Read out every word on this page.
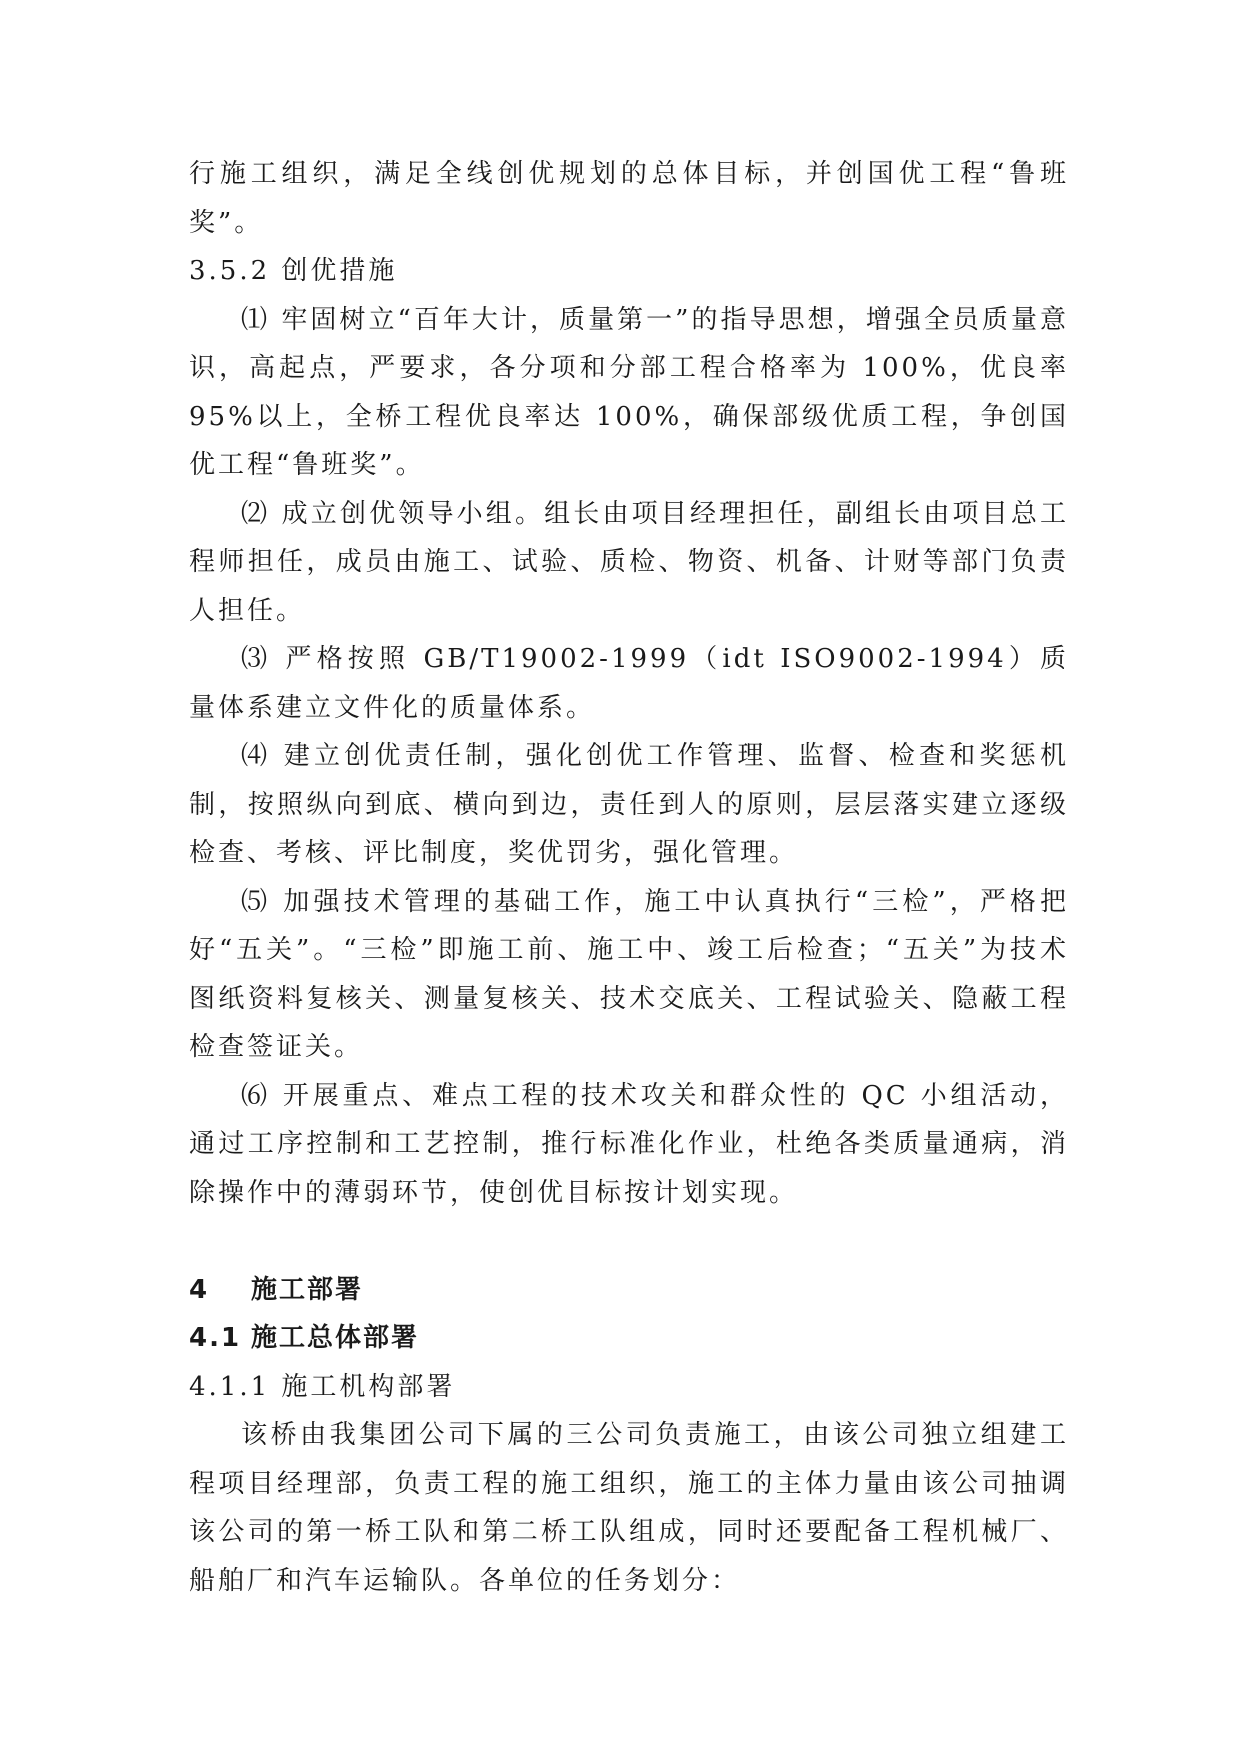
行施工组织，满足全线创优规划的总体目标，并创国优工程“鲁班奖”。

3.5.2 创优措施

⑴ 牢固树立“百年大计，质量第一”的指导思想，增强全员质量意识，高起点，严要求，各分项和分部工程合格率为 100%，优良率 95%以上，全桥工程优良率达 100%，确保部级优质工程，争创国优工程“鲁班奖”。

⑵ 成立创优领导小组。组长由项目经理担任，副组长由项目总工程师担任，成员由施工、试验、质检、物资、机备、计财等部门负责人担任。

⑶ 严格按照 GB/T19002-1999（idt ISO9002-1994）质量体系建立文件化的质量体系。

⑷ 建立创优责任制，强化创优工作管理、监督、检查和奖惩机制，按照纵向到底、横向到边，责任到人的原则，层层落实建立逐级检查、考核、评比制度，奖优罚劣，强化管理。

⑸ 加强技术管理的基础工作，施工中认真执行“三检”，严格把好“五关”。“三检”即施工前、施工中、竣工后检查；“五关”为技术图纸资料复核关、测量复核关、技术交底关、工程试验关、隐蔽工程检查签证关。

⑹ 开展重点、难点工程的技术攻关和群众性的 QC 小组活动，通过工序控制和工艺控制，推行标准化作业，杜绝各类质量通病，消除操作中的薄弱环节，使创优目标按计划实现。

4 施工部署

4.1 施工总体部署

4.1.1 施工机构部署

该桥由我集团公司下属的三公司负责施工，由该公司独立组建工程项目经理部，负责工程的施工组织，施工的主体力量由该公司抽调该公司的第一桥工队和第二桥工队组成，同时还要配备工程机械厂、船舶厂和汽车运输队。各单位的任务划分：
